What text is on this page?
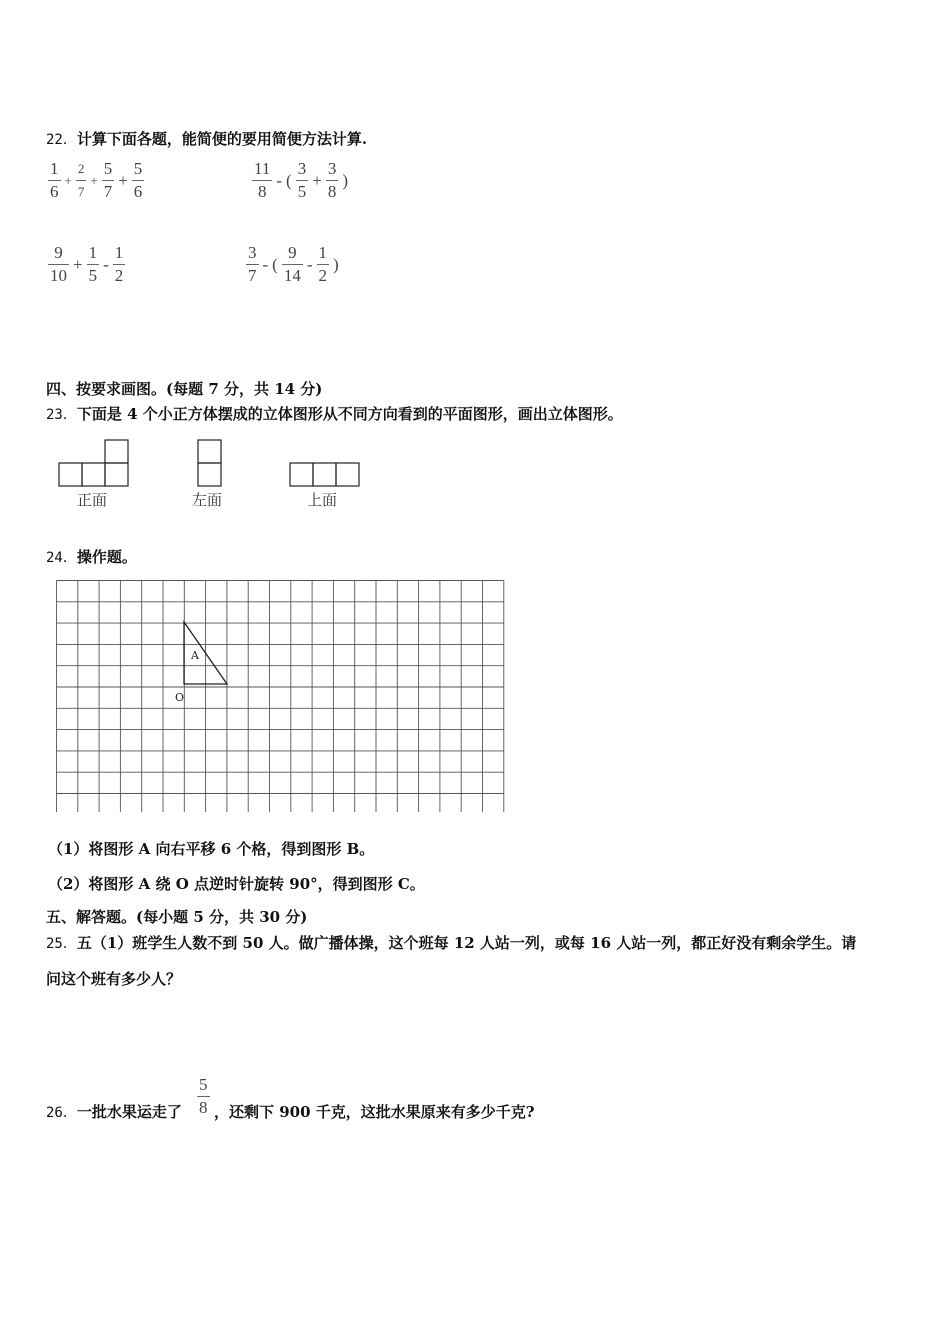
22．计算下面各题，能简便的要用简便方法计算.
$\frac{1}{6} + \frac{2}{7} + \frac{5}{7} + \frac{5}{6}$	$\frac{11}{8}$ - ( $\frac{3}{5} + \frac{3}{8}$ )
$\frac{9}{10} + \frac{1}{5} - \frac{1}{2}$	$\frac{3}{7}$ - ( $\frac{9}{14} - \frac{1}{2}$ )
四、按要求画图。(每题 7 分，共 14 分)
23．下面是 4 个小正方体摆成的立体图形从不同方向看到的平面图形，画出立体图形。
正面	左面	上面
24．操作题。
A
O
（1）将图形 A 向右平移 6 个格，得到图形 B。
（2）将图形 A 绕 O 点逆时针旋转 90°，得到图形 C。
五、解答题。(每小题 5 分，共 30 分)
25．五（1）班学生人数不到 50 人。做广播体操，这个班每 12 人站一列，或每 16 人站一列，都正好没有剩余学生。请
问这个班有多少人？
26．一批水果运走了 $\frac{5}{8}$ ，还剩下 900 千克，这批水果原来有多少千克?
